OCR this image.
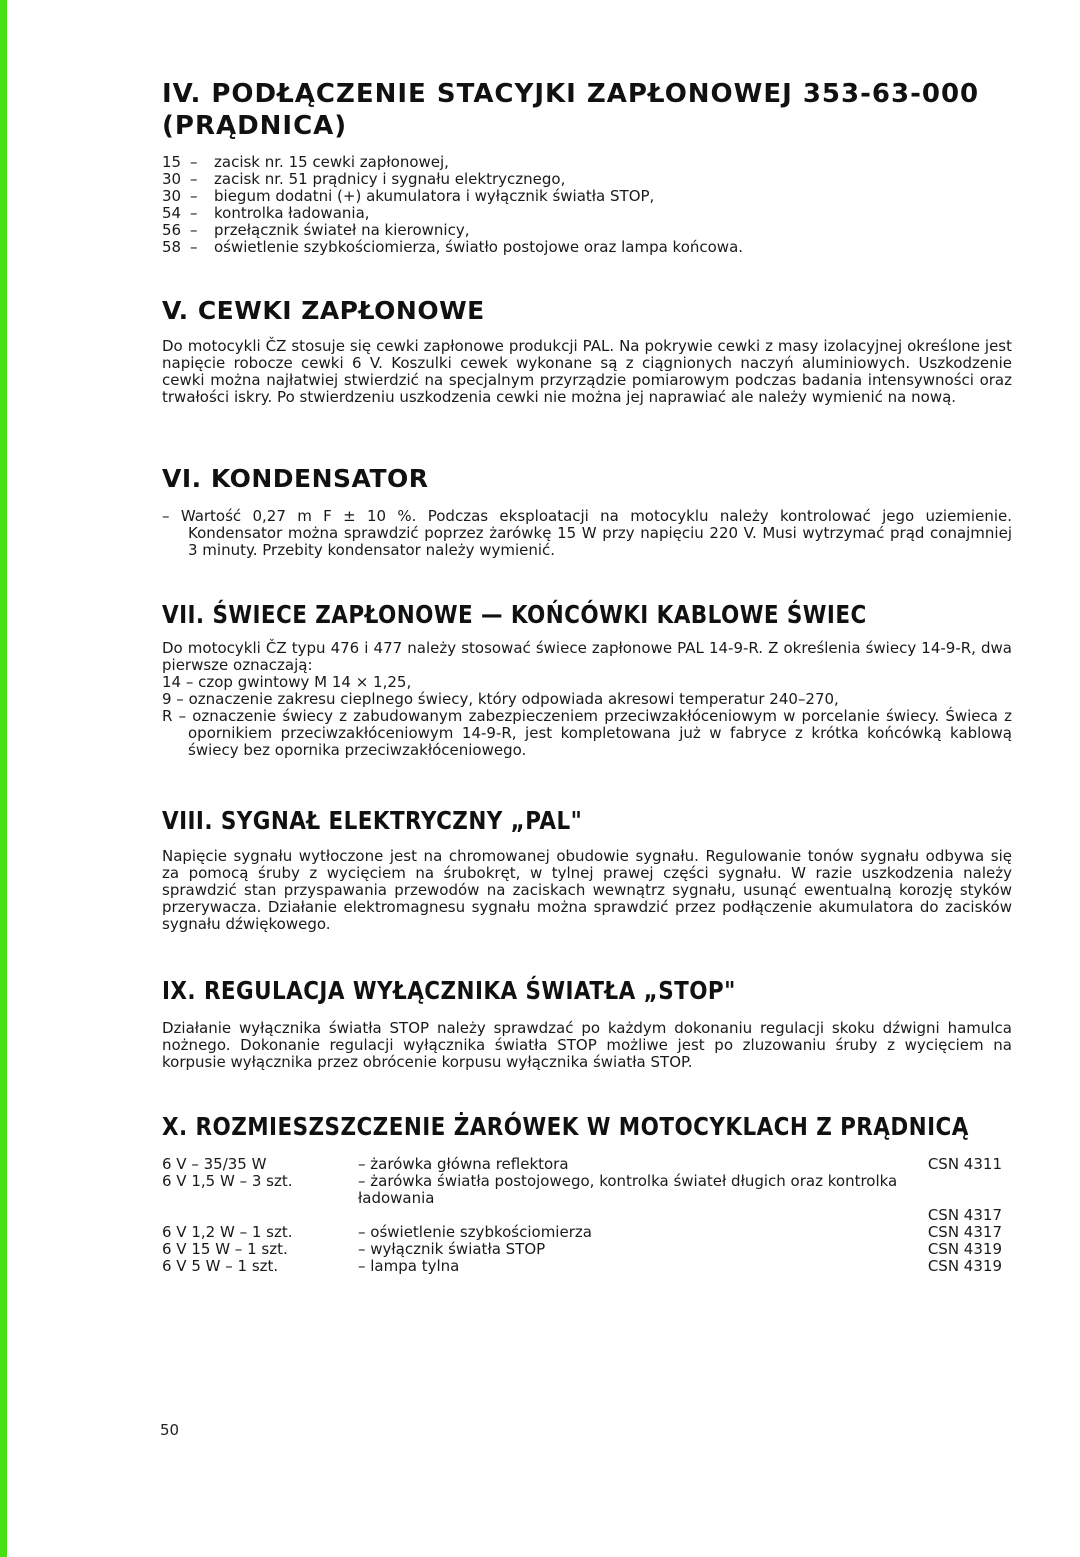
IV. PODŁĄCZENIE STACYJKI ZAPŁONOWEJ 353-63-000
(PRĄDNICA)
15 –	zacisk nr. 15 cewki zapłonowej,
30 –	zacisk nr. 51 prądnicy i sygnału elektrycznego,
30 –	biegum dodatni (+) akumulatora i wyłącznik światła STOP,
54 –	kontrolka ładowania,
56 –	przełącznik świateł na kierownicy,
58 –	oświetlenie szybkościomierza, światło postojowe oraz lampa końcowa.
V. CEWKI ZAPŁONOWE

Do motocykli ČZ stosuje się cewki zapłonowe produkcji PAL. Na pokrywie cewki z masy izolacyjnej określone jest napięcie robocze cewki 6 V. Koszulki cewek wykonane są z ciągnionych naczyń aluminiowych. Uszkodzenie cewki można najłatwiej stwierdzić na specjalnym przyrządzie pomiarowym podczas badania intensywności oraz trwałości iskry. Po stwierdzeniu uszkodzenia cewki nie można jej naprawiać ale należy wymienić na nową.

VI. KONDENSATOR

– Wartość 0,27 m F ± 10 %. Podczas eksploatacji na motocyklu należy kontrolować jego uziemienie. Kondensator można sprawdzić poprzez żarówkę 15 W przy napięciu 220 V. Musi wytrzymać prąd conajmniej 3 minuty. Przebity kondensator należy wymienić.

VII. ŚWIECE ZAPŁONOWE — KOŃCÓWKI KABLOWE ŚWIEC

Do motocykli ČZ typu 476 i 477 należy stosować świece zapłonowe PAL 14-9-R. Z określenia świecy 14-9-R, dwa pierwsze oznaczają:

14 – czop gwintowy M 14 × 1,25,
9 – oznaczenie zakresu cieplnego świecy, który odpowiada akresowi temperatur 240–270,
R – oznaczenie świecy z zabudowanym zabezpieczeniem przeciwzakłóceniowym w porcelanie świecy. Świeca z opornikiem przeciwzakłóceniowym 14-9-R, jest kompletowana już w fabryce z krótka końcówką kablową świecy bez opornika przeciwzakłóceniowego.
VIII. SYGNAŁ ELEKTRYCZNY „PAL"

Napięcie sygnału wytłoczone jest na chromowanej obudowie sygnału. Regulowanie tonów sygnału odbywa się za pomocą śruby z wycięciem na śrubokręt, w tylnej prawej części sygnału. W razie uszkodzenia należy sprawdzić stan przyspawania przewodów na zaciskach wewnątrz sygnału, usunąć ewentualną korozję styków przerywacza. Działanie elektromagnesu sygnału można sprawdzić przez podłączenie akumulatora do zacisków sygnału dźwiękowego.

IX. REGULACJA WYŁĄCZNIKA ŚWIATŁA „STOP"

Działanie wyłącznika światła STOP należy sprawdzać po każdym dokonaniu regulacji skoku dźwigni hamulca nożnego. Dokonanie regulacji wyłącznika światła STOP możliwe jest po zluzowaniu śruby z wycięciem na korpusie wyłącznika przez obrócenie korpusu wyłącznika światła STOP.

X. ROZMIESZSZCZENIE ŻARÓWEK W MOTOCYKLACH Z PRĄDNICĄ
6 V – 35/35 W	– żarówka główna reflektora	CSN 4311
6 V 1,5 W – 3 szt.	– żarówka światła postojowego, kontrolka świateł długich oraz kontrolka ładowania	CSN 4317
6 V 1,2 W – 1 szt.	– oświetlenie szybkościomierza	CSN 4317
6 V 15 W – 1 szt.	– wyłącznik światła STOP	CSN 4319
6 V 5 W – 1 szt.	– lampa tylna	CSN 4319
50
